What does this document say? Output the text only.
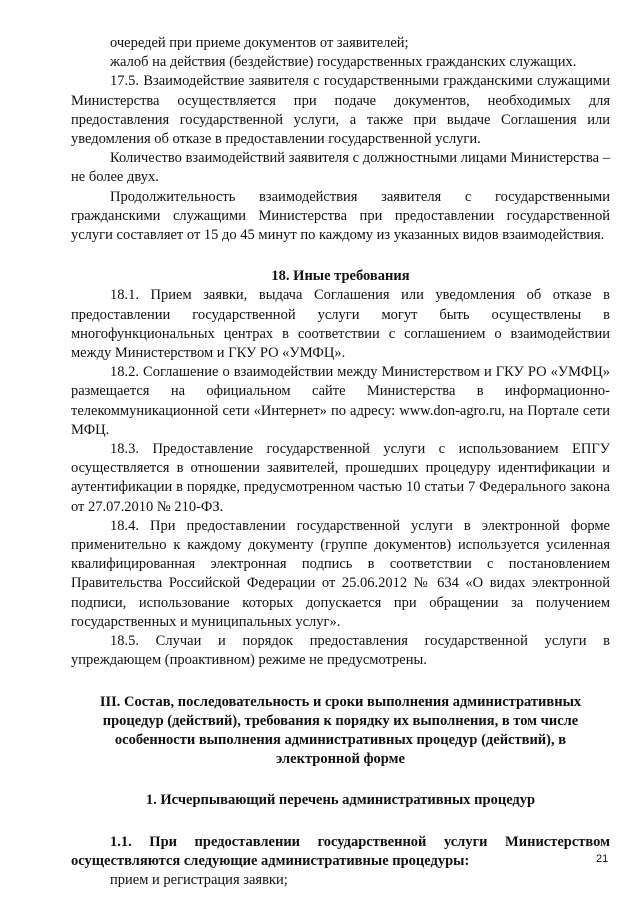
очередей при приеме документов от заявителей;

жалоб на действия (бездействие) государственных гражданских служащих.

17.5. Взаимодействие заявителя с государственными гражданскими служащими Министерства осуществляется при подаче документов, необходимых для предоставления государственной услуги, а также при выдаче Соглашения или уведомления об отказе в предоставлении государственной услуги.

Количество взаимодействий заявителя с должностными лицами Министерства – не более двух.

Продолжительность взаимодействия заявителя с государственными гражданскими служащими Министерства при предоставлении государственной услуги составляет от 15 до 45 минут по каждому из указанных видов взаимодействия.

18. Иные требования

18.1. Прием заявки, выдача Соглашения или уведомления об отказе в предоставлении государственной услуги могут быть осуществлены в многофункциональных центрах в соответствии с соглашением о взаимодействии между Министерством и ГКУ РО «УМФЦ».

18.2. Соглашение о взаимодействии между Министерством и ГКУ РО «УМФЦ» размещается на официальном сайте Министерства в информационно-телекоммуникационной сети «Интернет» по адресу: www.don-agro.ru, на Портале сети МФЦ.

18.3. Предоставление государственной услуги с использованием ЕПГУ осуществляется в отношении заявителей, прошедших процедуру идентификации и аутентификации в порядке, предусмотренном частью 10 статьи 7 Федерального закона от 27.07.2010 № 210-ФЗ.

18.4. При предоставлении государственной услуги в электронной форме применительно к каждому документу (группе документов) используется усиленная квалифицированная электронная подпись в соответствии с постановлением Правительства Российской Федерации от 25.06.2012 № 634 «О видах электронной подписи, использование которых допускается при обращении за получением государственных и муниципальных услуг».

18.5. Случаи и порядок предоставления государственной услуги в упреждающем (проактивном) режиме не предусмотрены.

III. Состав, последовательность и сроки выполнения административных
процедур (действий), требования к порядку их выполнения, в том числе
особенности выполнения административных процедур (действий), в
электронной форме
1. Исчерпывающий перечень административных процедур

1.1. При предоставлении государственной услуги Министерством осуществляются следующие административные процедуры:

прием и регистрация заявки;

21
